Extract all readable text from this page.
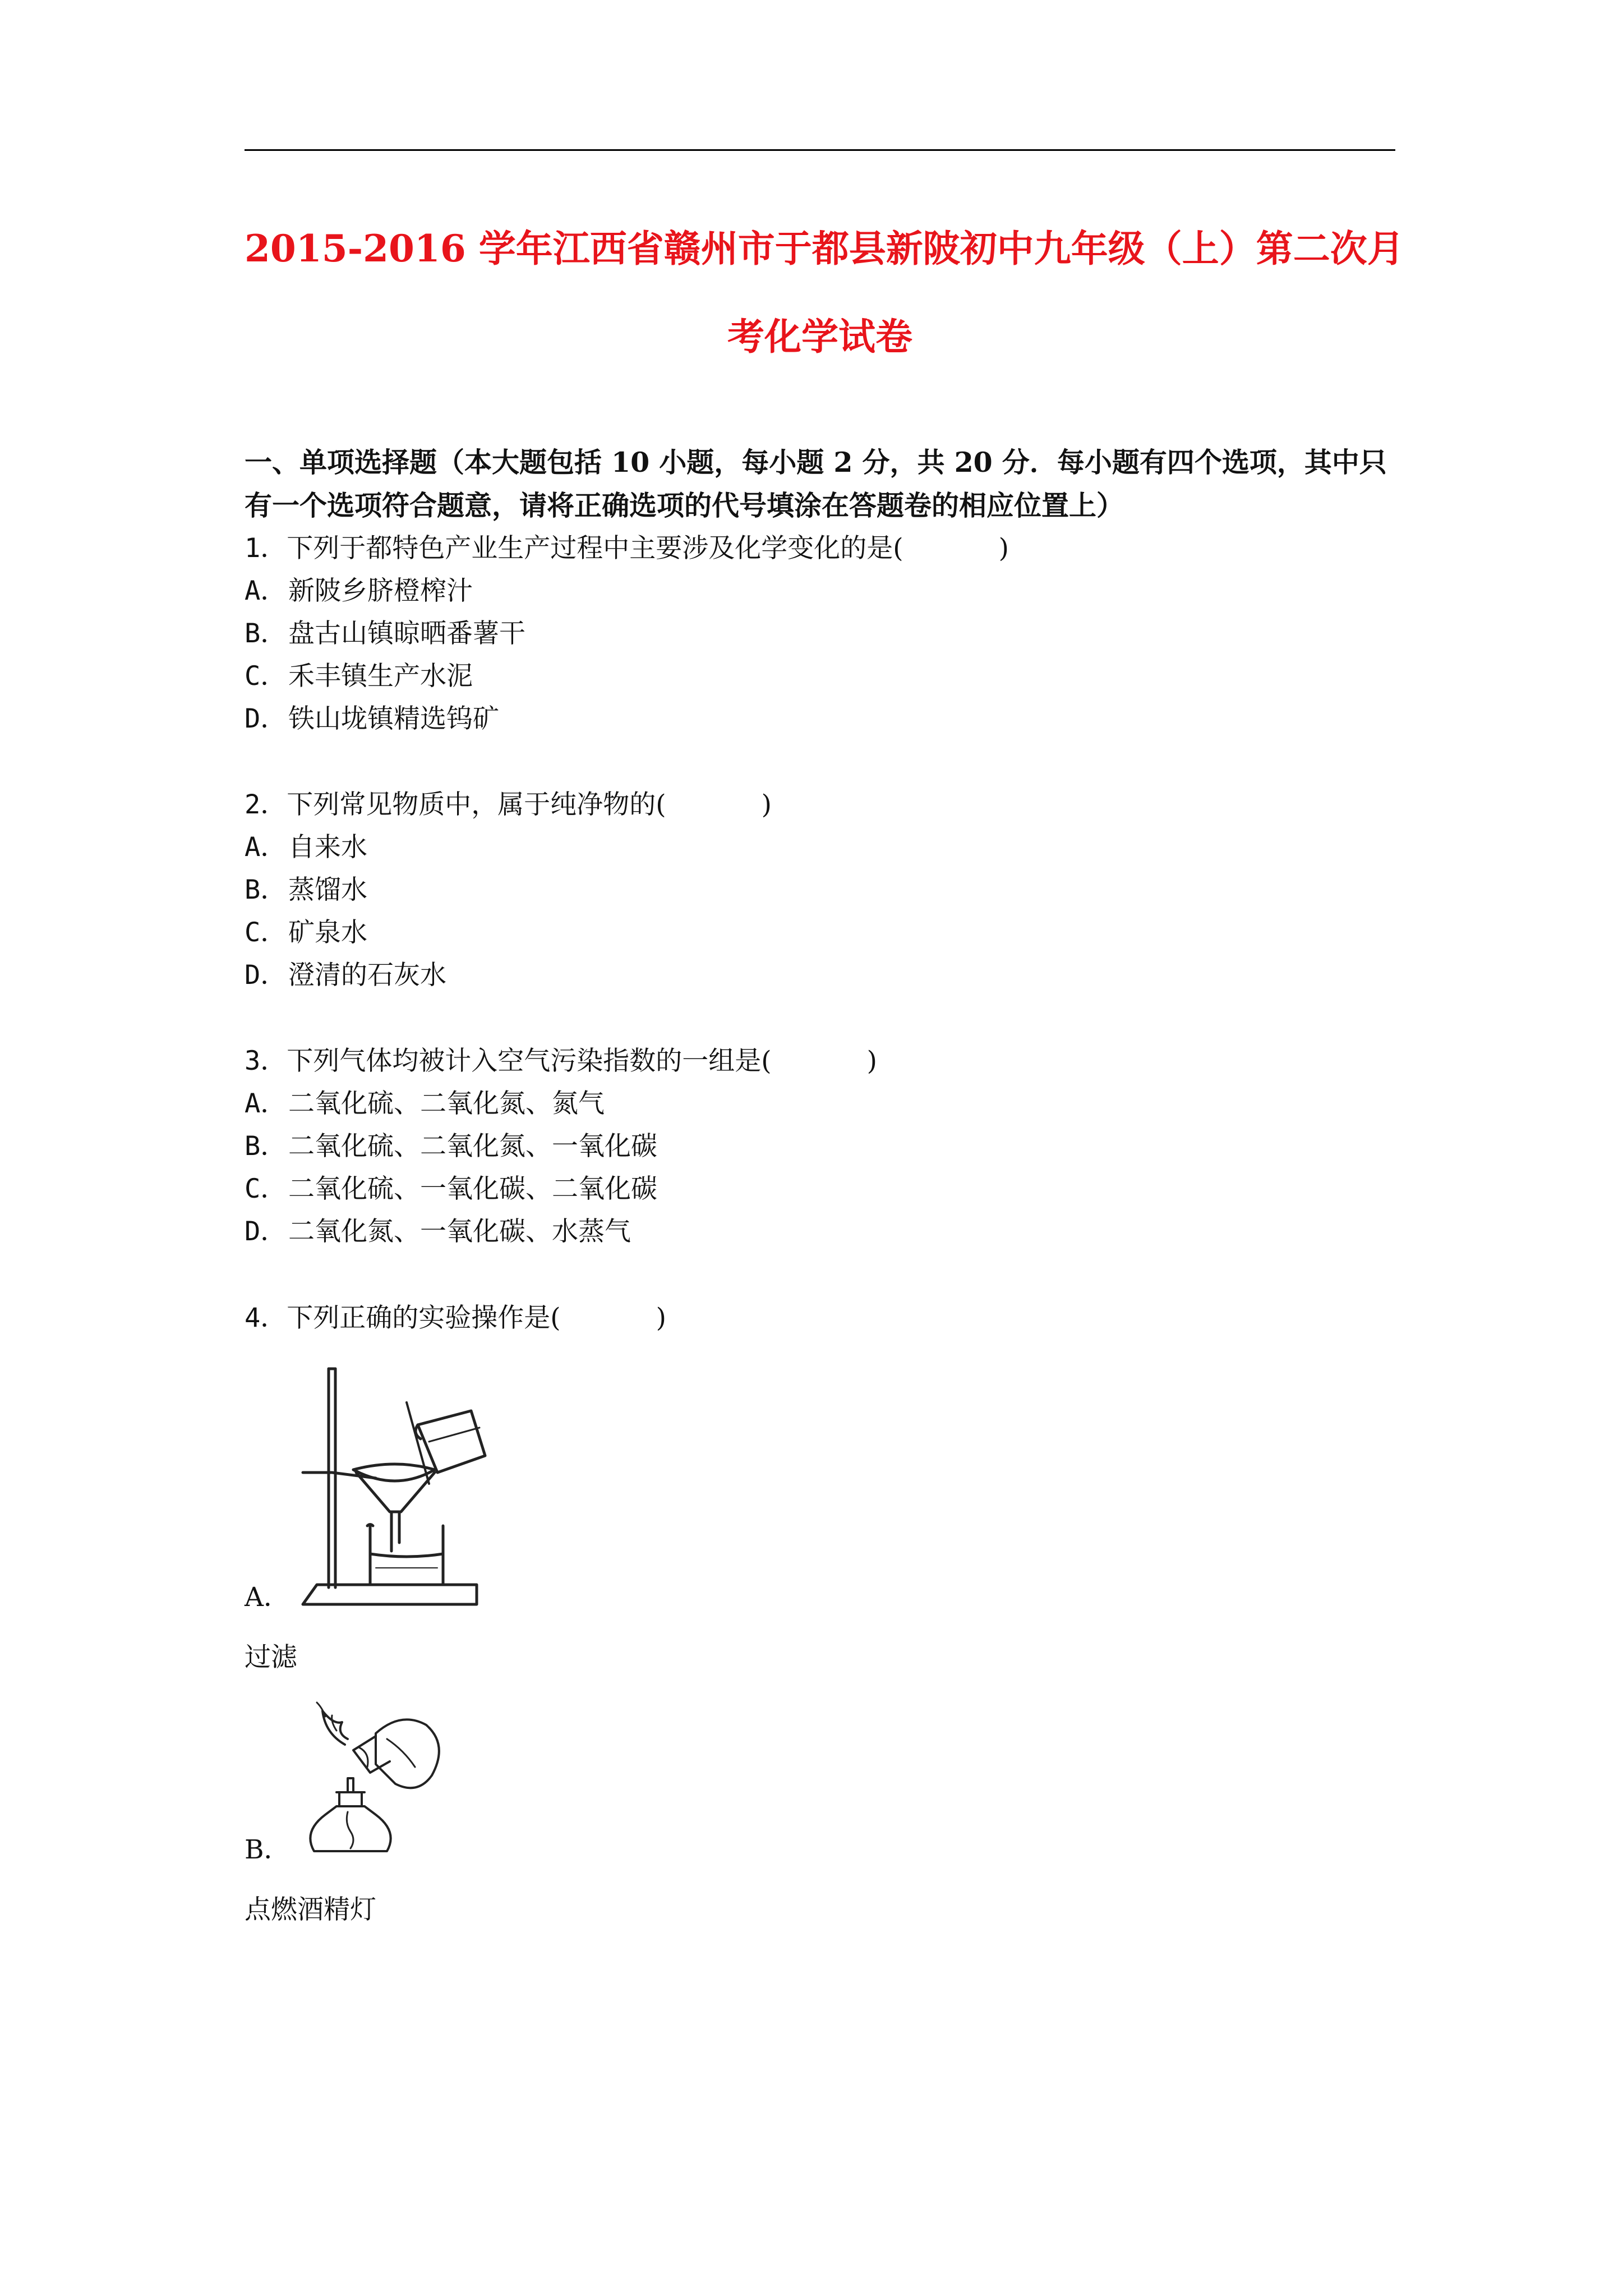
2015-2016 学年江西省赣州市于都县新陂初中九年级（上）第二次月
考化学试卷
一、单项选择题（本大题包括 10 小题，每小题 2 分，共 20 分．每小题有四个选项，其中只有一个选项符合题意，请将正确选项的代号填涂在答题卷的相应位置上）
1．下列于都特色产业生产过程中主要涉及化学变化的是(	)
A．新陂乡脐橙榨汁
B．盘古山镇晾晒番薯干
C．禾丰镇生产水泥
D．铁山垅镇精选钨矿
2．下列常见物质中，属于纯净物的(	)
A．自来水
B．蒸馏水
C．矿泉水
D．澄清的石灰水
3．下列气体均被计入空气污染指数的一组是(	)
A．二氧化硫、二氧化氮、氮气
B．二氧化硫、二氧化氮、一氧化碳
C．二氧化硫、一氧化碳、二氧化碳
D．二氧化氮、一氧化碳、水蒸气
4．下列正确的实验操作是(	)
A．
过滤
B．
点燃酒精灯
